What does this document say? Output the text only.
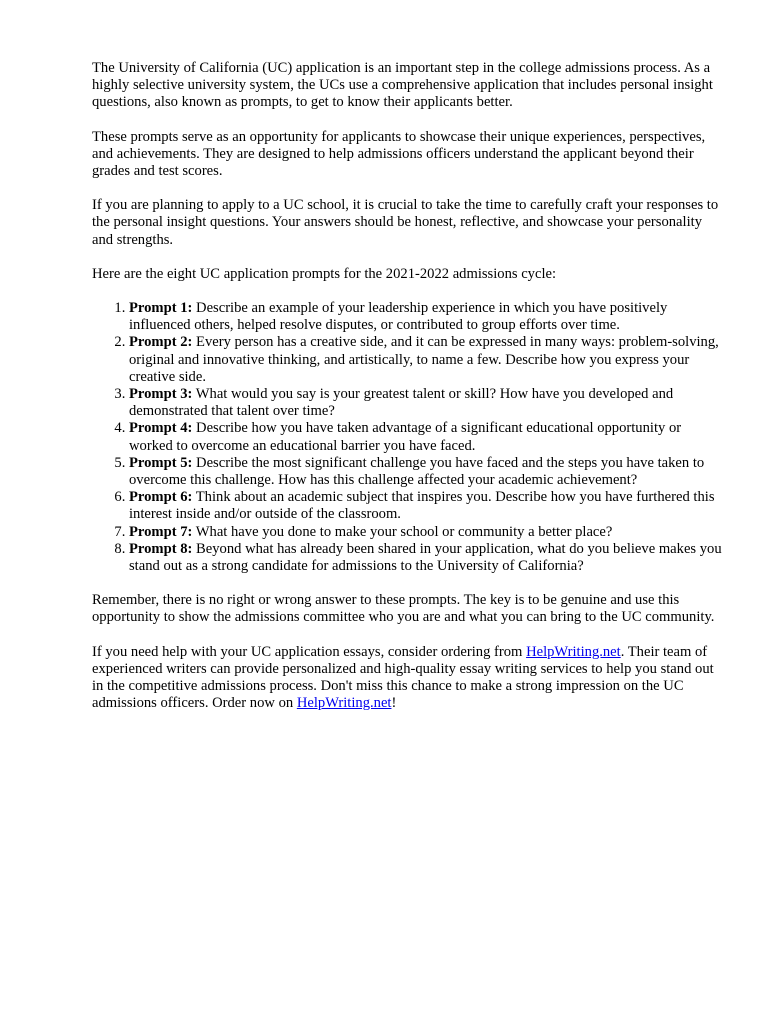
The University of California (UC) application is an important step in the college admissions process. As a highly selective university system, the UCs use a comprehensive application that includes personal insight questions, also known as prompts, to get to know their applicants better.

These prompts serve as an opportunity for applicants to showcase their unique experiences, perspectives, and achievements. They are designed to help admissions officers understand the applicant beyond their grades and test scores.

If you are planning to apply to a UC school, it is crucial to take the time to carefully craft your responses to the personal insight questions. Your answers should be honest, reflective, and showcase your personality and strengths.

Here are the eight UC application prompts for the 2021-2022 admissions cycle:

1. Prompt 1: Describe an example of your leadership experience in which you have positively influenced others, helped resolve disputes, or contributed to group efforts over time.
2. Prompt 2: Every person has a creative side, and it can be expressed in many ways: problem-solving, original and innovative thinking, and artistically, to name a few. Describe how you express your creative side.
3. Prompt 3: What would you say is your greatest talent or skill? How have you developed and demonstrated that talent over time?
4. Prompt 4: Describe how you have taken advantage of a significant educational opportunity or worked to overcome an educational barrier you have faced.
5. Prompt 5: Describe the most significant challenge you have faced and the steps you have taken to overcome this challenge. How has this challenge affected your academic achievement?
6. Prompt 6: Think about an academic subject that inspires you. Describe how you have furthered this interest inside and/or outside of the classroom.
7. Prompt 7: What have you done to make your school or community a better place?
8. Prompt 8: Beyond what has already been shared in your application, what do you believe makes you stand out as a strong candidate for admissions to the University of California?

Remember, there is no right or wrong answer to these prompts. The key is to be genuine and use this opportunity to show the admissions committee who you are and what you can bring to the UC community.

If you need help with your UC application essays, consider ordering from HelpWriting.net. Their team of experienced writers can provide personalized and high-quality essay writing services to help you stand out in the competitive admissions process. Don't miss this chance to make a strong impression on the UC admissions officers. Order now on HelpWriting.net!
